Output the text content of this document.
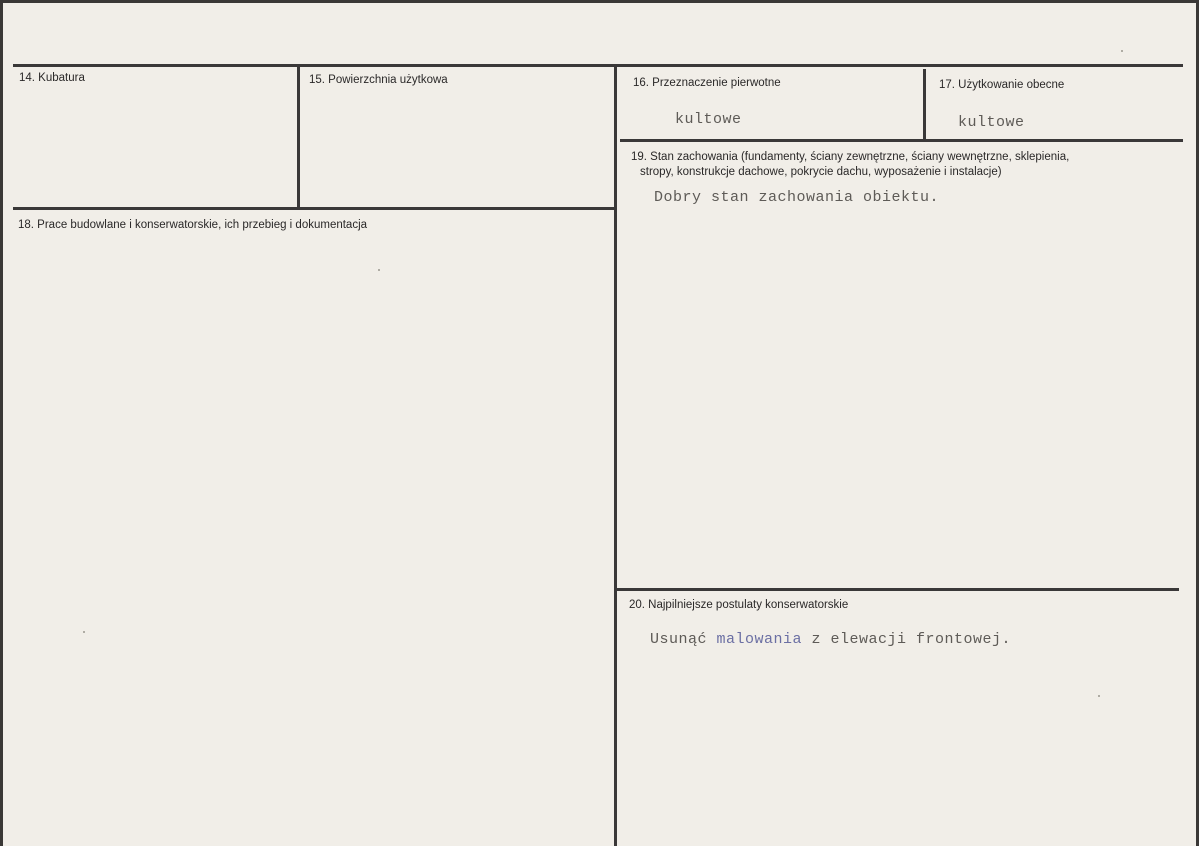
14. Kubatura	15. Powierzchnia użytkowa	16. Przeznaczenie pierwotne
kultowe
17. Użytkowanie obecne
kultowe
18. Prace budowlane i konserwatorskie, ich przebieg i dokumentacja
19. Stan zachowania (fundamenty, ściany zewnętrzne, ściany wewnętrzne, sklepienia,
stropy, konstrukcje dachowe, pokrycie dachu, wyposażenie i instalacje)
Dobry stan zachowania obiektu.
20. Najpilniejsze postulaty konserwatorskie
Usunąć malowania z elewacji frontowej.
